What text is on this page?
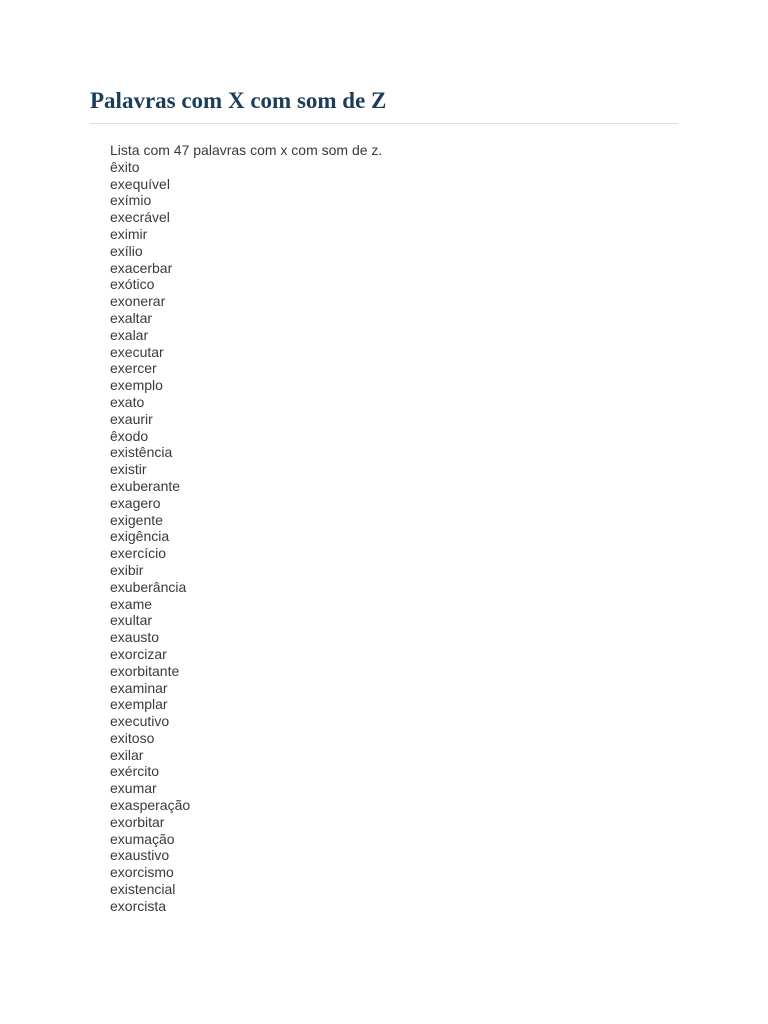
Palavras com X com som de Z

Lista com 47 palavras com x com som de z.

êxito
exequível
exímio
execrável
eximir
exílio
exacerbar
exótico
exonerar
exaltar
exalar
executar
exercer
exemplo
exato
exaurir
êxodo
existência
existir
exuberante
exagero
exigente
exigência
exercício
exibir
exuberância
exame
exultar
exausto
exorcizar
exorbitante
examinar
exemplar
executivo
exitoso
exilar
exército
exumar
exasperação
exorbitar
exumação
exaustivo
exorcismo
existencial
exorcista
